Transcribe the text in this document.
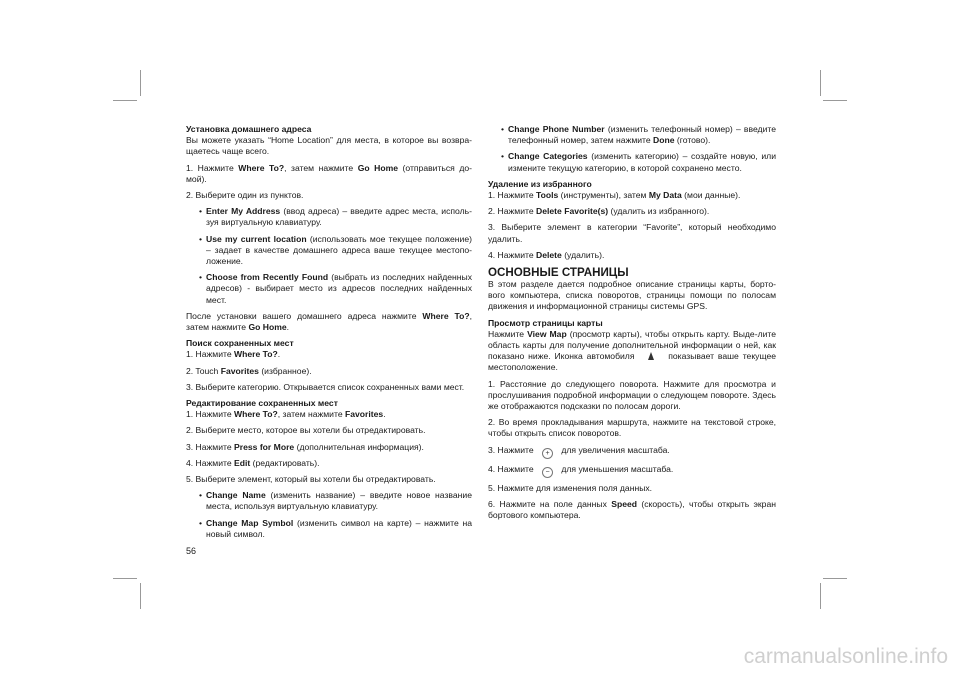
Установка домашнего адреса
Вы можете указать “Home Location” для места, в которое вы возвра-щаетесь чаще всего.
1. Нажмите Where To?, затем нажмите Go Home (отправиться до-мой).
2. Выберите один из пунктов.
• Enter My Address (ввод адреса) – введите адрес места, исполь-зуя виртуальную клавиатуру.
• Use my current location (использовать мое текущее положение) – задает в качестве домашнего адреса ваше текущее местопо-ложение.
• Choose from Recently Found (выбрать из последних найденных адресов) - выбирает место из адресов последних найденных мест.
После установки вашего домашнего адреса нажмите Where To?, затем нажмите Go Home.
Поиск сохраненных мест
1. Нажмите Where To?.
2. Touch Favorites (избранное).
3. Выберите категорию. Открывается список сохраненных вами мест.
Редактирование сохраненных мест
1. Нажмите Where To?, затем нажмите Favorites.
2. Выберите место, которое вы хотели бы отредактировать.
3. Нажмите Press for More (дополнительная информация).
4. Нажмите Edit (редактировать).
5. Выберите элемент, который вы хотели бы отредактировать.
• Change Name (изменить название) – введите новое название места, используя виртуальную клавиатуру.
• Change Map Symbol (изменить символ на карте) – нажмите на новый символ.
• Change Phone Number (изменить телефонный номер) – введите телефонный номер, затем нажмите Done (готово).
• Change Categories (изменить категорию) – создайте новую, или измените текущую категорию, в которой сохранено место.
Удаление из избранного
1. Нажмите Tools (инструменты), затем My Data (мои данные).
2. Нажмите Delete Favorite(s) (удалить из избранного).
3. Выберите элемент в категории “Favorite”, который необходимо удалить.
4. Нажмите Delete (удалить).
ОСНОВНЫЕ СТРАНИЦЫ
В этом разделе дается подробное описание страницы карты, борто-вого компьютера, списка поворотов, страницы помощи по полосам движения и информационной страницы системы GPS.
Просмотр страницы карты
Нажмите View Map (просмотр карты), чтобы открыть карту. Выде-лите область карты для получение дополнительной информации о ней, как показано ниже. Иконка автомобиля	показывает ваше текущее местоположение.
1. Расстояние до следующего поворота. Нажмите для просмотра и прослушивания подробной информации о следующем повороте. Здесь же отображаются подсказки по полосам дороги.
2. Во время прокладывания маршрута, нажмите на текстовой строке, чтобы открыть список поворотов.
3. Нажмите + для увеличения масштаба.
4. Нажмите − для уменьшения масштаба.
5. Нажмите для изменения поля данных.
6. Нажмите на поле данных Speed (скорость), чтобы открыть экран бортового компьютера.
56
carmanualsonline.info
